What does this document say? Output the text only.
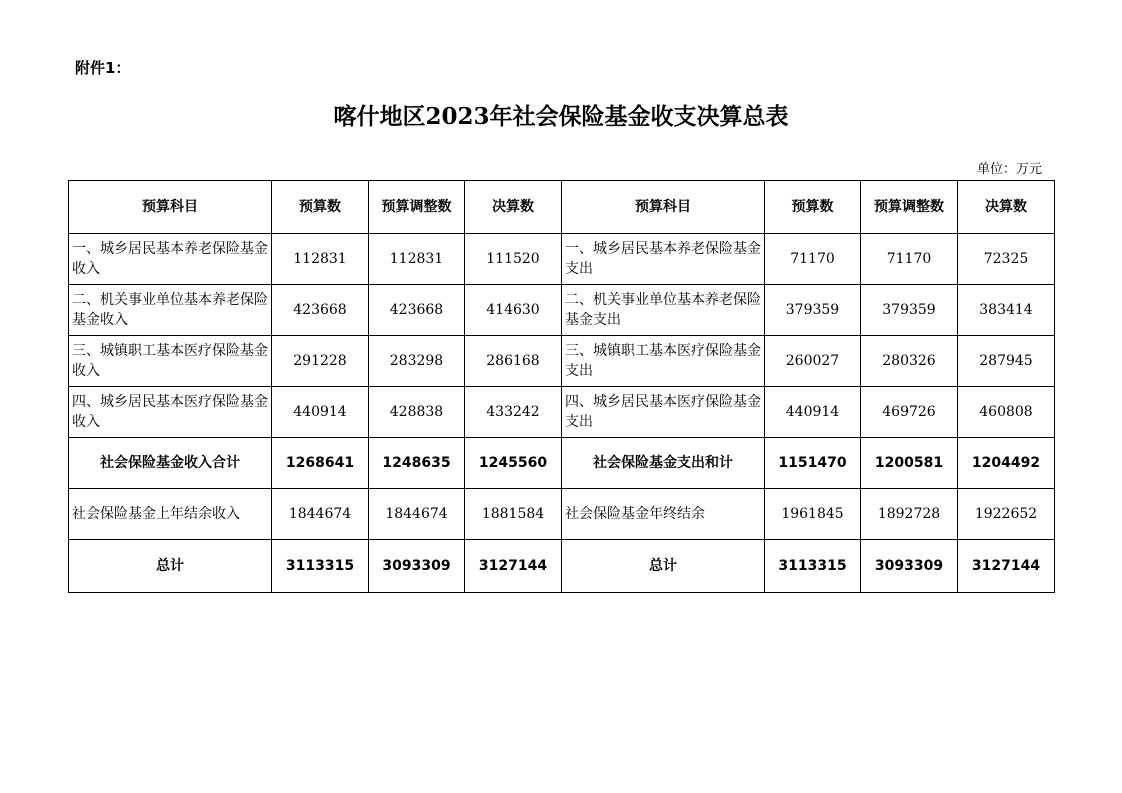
附件1：
喀什地区2023年社会保险基金收支决算总表
单位：万元
预算科目	预算数	预算调整数	决算数	预算科目	预算数	预算调整数	决算数
一、城乡居民基本养老保险基金收入	112831	112831	111520	一、城乡居民基本养老保险基金支出	71170	71170	72325
二、机关事业单位基本养老保险基金收入	423668	423668	414630	二、机关事业单位基本养老保险基金支出	379359	379359	383414
三、城镇职工基本医疗保险基金收入	291228	283298	286168	三、城镇职工基本医疗保险基金支出	260027	280326	287945
四、城乡居民基本医疗保险基金收入	440914	428838	433242	四、城乡居民基本医疗保险基金支出	440914	469726	460808
社会保险基金收入合计	1268641	1248635	1245560	社会保险基金支出和计	1151470	1200581	1204492
社会保险基金上年结余收入	1844674	1844674	1881584	社会保险基金年终结余	1961845	1892728	1922652
总计	3113315	3093309	3127144	总计	3113315	3093309	3127144
